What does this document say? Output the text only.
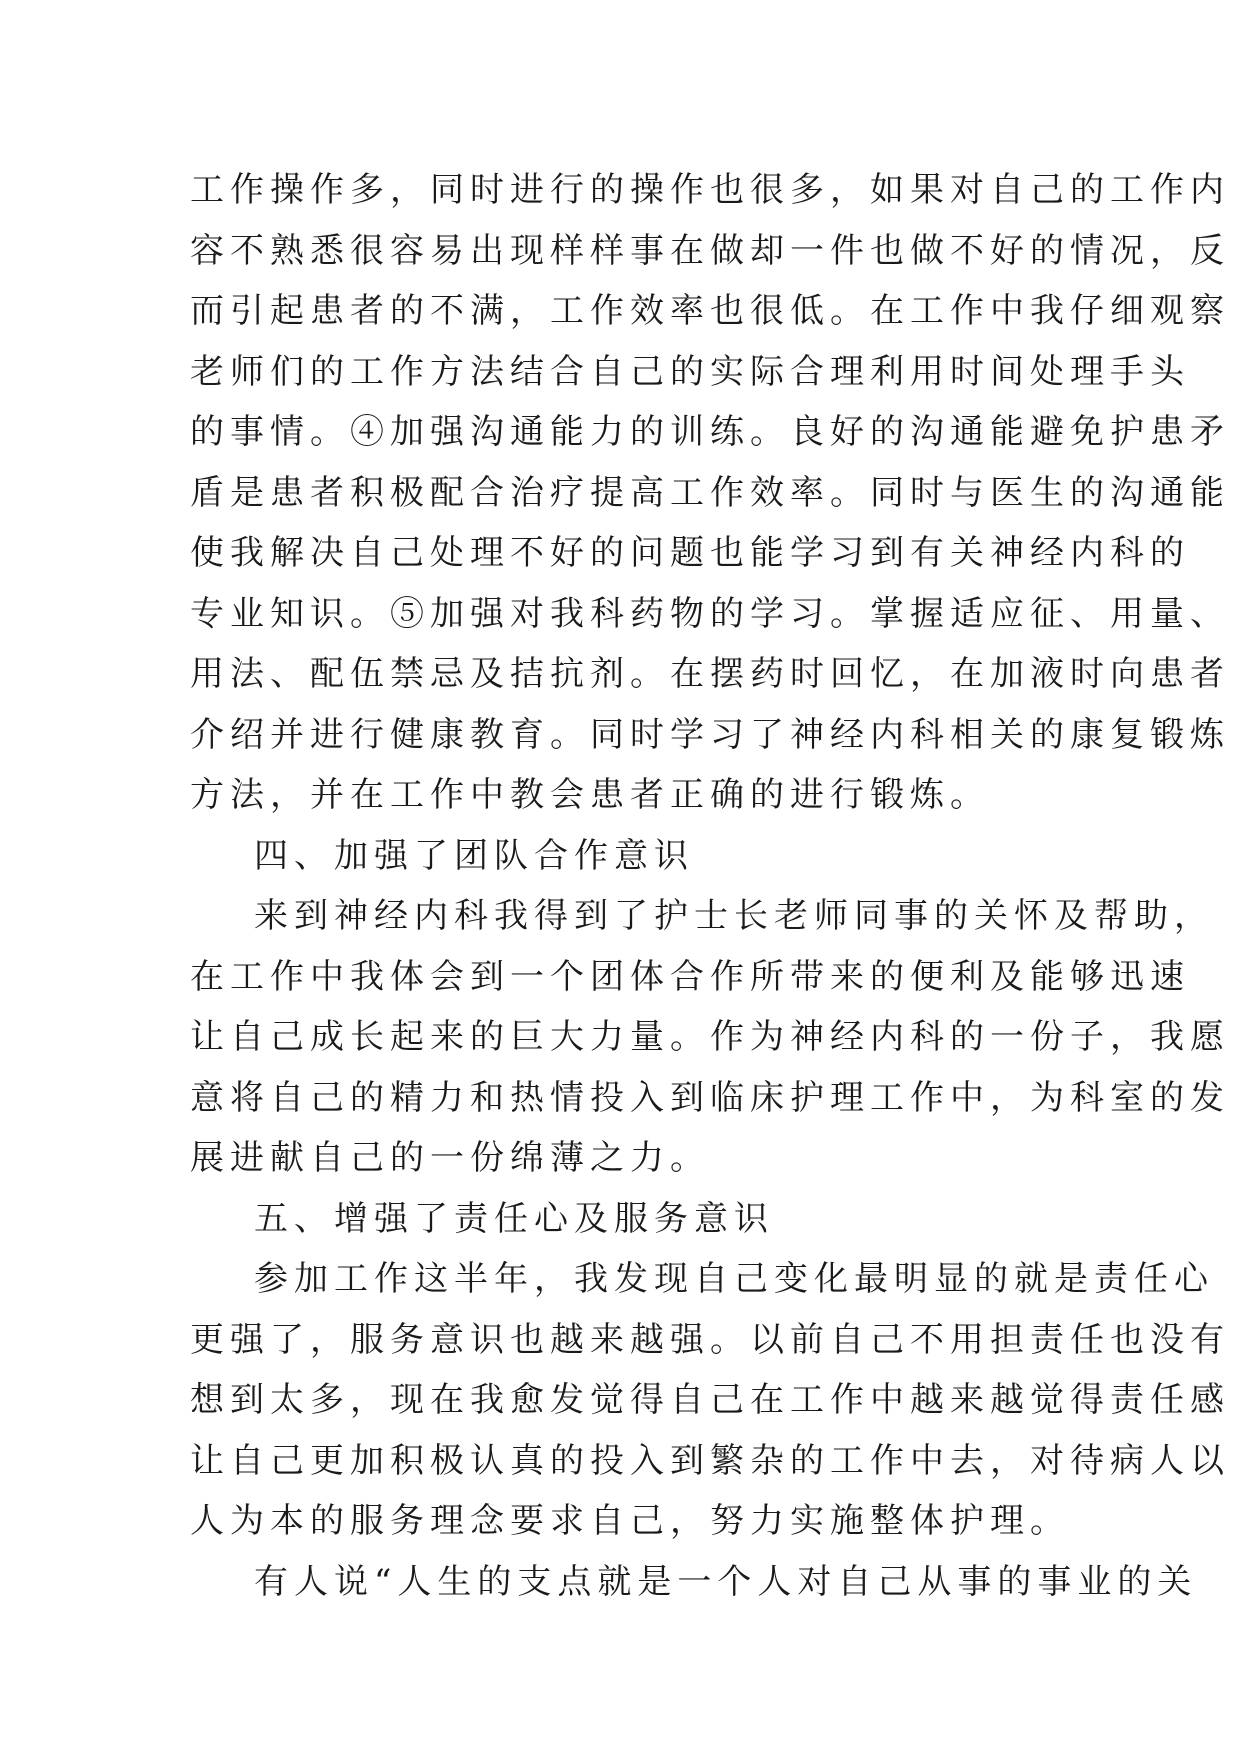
工作操作多，同时进行的操作也很多，如果对自己的工作内
容不熟悉很容易出现样样事在做却一件也做不好的情况，反
而引起患者的不满，工作效率也很低。在工作中我仔细观察
老师们的工作方法结合自己的实际合理利用时间处理手头
的事情。④加强沟通能力的训练。良好的沟通能避免护患矛
盾是患者积极配合治疗提高工作效率。同时与医生的沟通能
使我解决自己处理不好的问题也能学习到有关神经内科的
专业知识。⑤加强对我科药物的学习。掌握适应征、用量、
用法、配伍禁忌及拮抗剂。在摆药时回忆，在加液时向患者
介绍并进行健康教育。同时学习了神经内科相关的康复锻炼
方法，并在工作中教会患者正确的进行锻炼。
四、加强了团队合作意识
来到神经内科我得到了护士长老师同事的关怀及帮助，
在工作中我体会到一个团体合作所带来的便利及能够迅速
让自己成长起来的巨大力量。作为神经内科的一份子，我愿
意将自己的精力和热情投入到临床护理工作中，为科室的发
展进献自己的一份绵薄之力。
五、增强了责任心及服务意识
参加工作这半年，我发现自己变化最明显的就是责任心
更强了，服务意识也越来越强。以前自己不用担责任也没有
想到太多，现在我愈发觉得自己在工作中越来越觉得责任感
让自己更加积极认真的投入到繁杂的工作中去，对待病人以
人为本的服务理念要求自己，努力实施整体护理。
有人说“人生的支点就是一个人对自己从事的事业的关
